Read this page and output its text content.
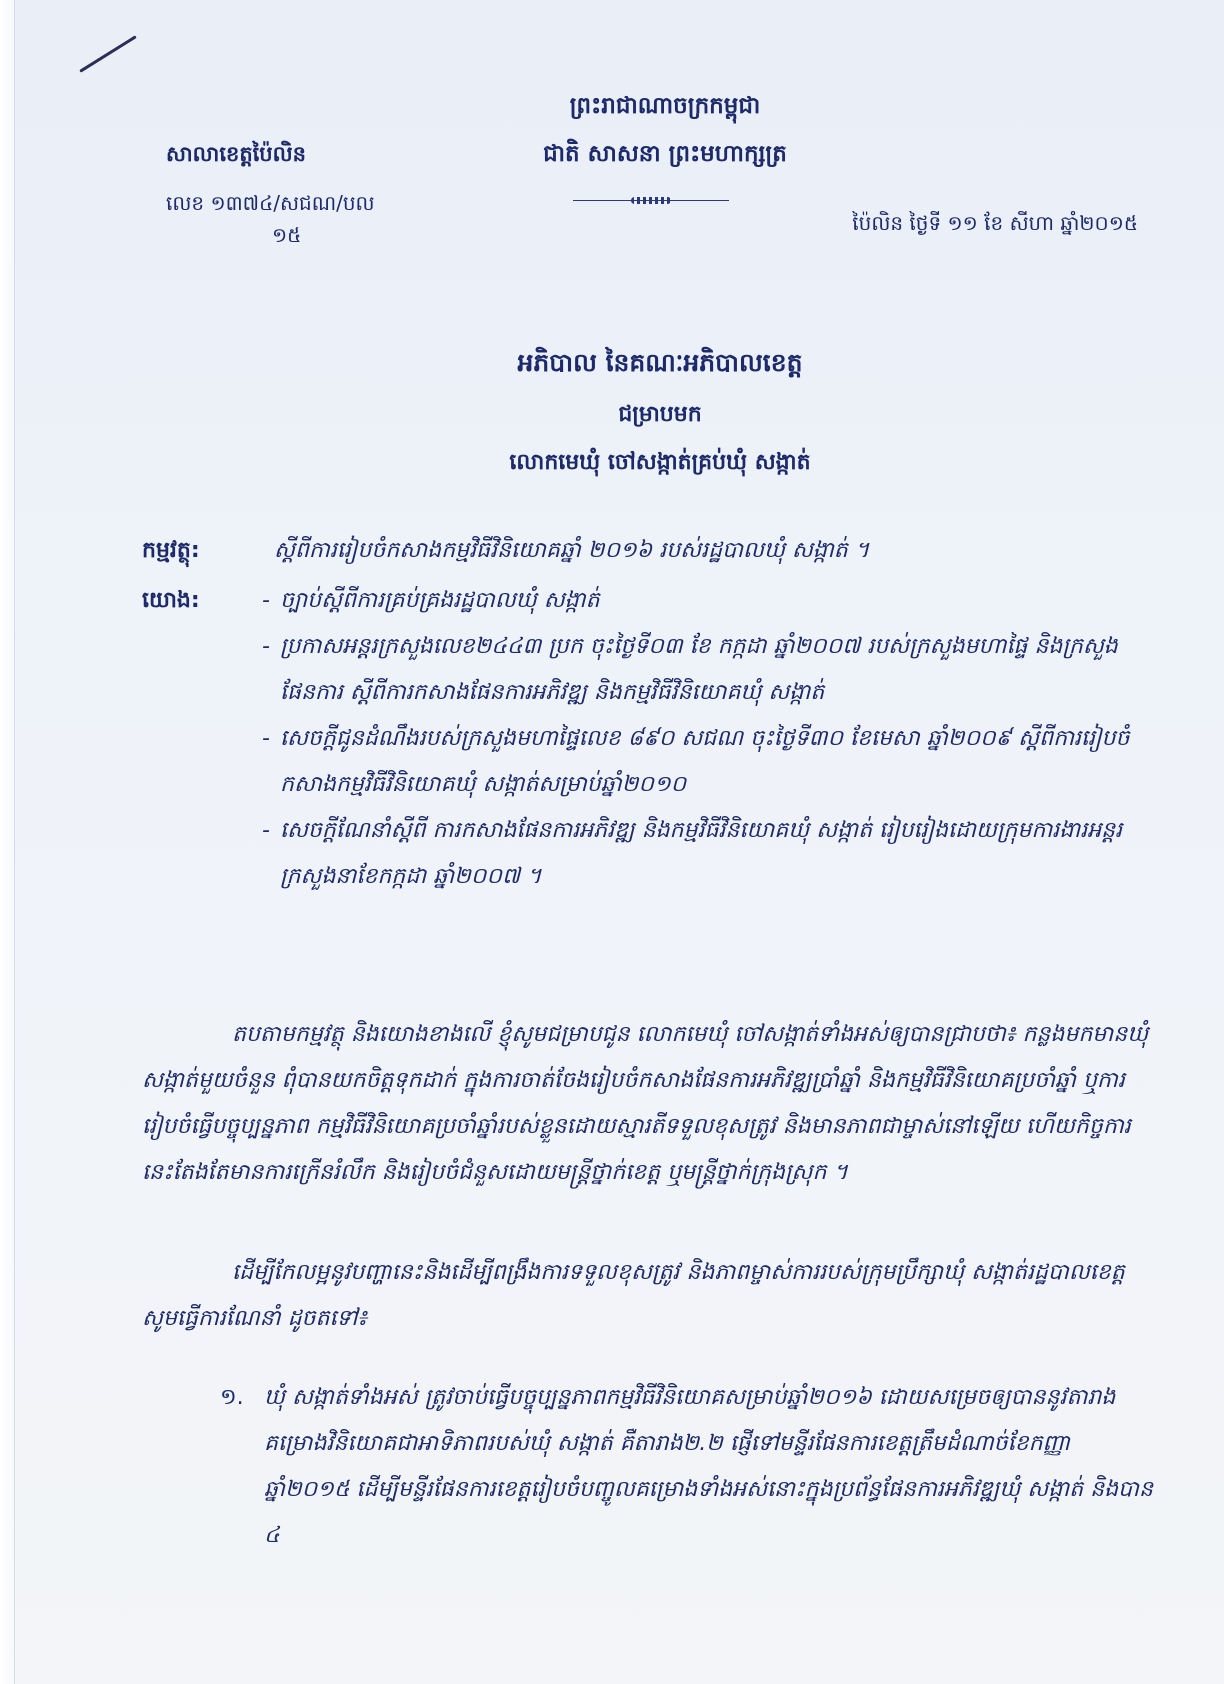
ព្រះរាជាណាចក្រកម្ពុជា
ជាតិ សាសនា ព្រះមហាក្សត្រ
សាលាខេត្តប៉ៃលិន
លេខ ១៣៧៤/សជណ/បល
១៥	ប៉ៃលិន ថ្ងៃទី ១១ ខែ សីហា ឆ្នាំ២០១៥
អភិបាល នៃគណៈអភិបាលខេត្ត
ជម្រាបមក
លោកមេឃុំ ចៅសង្កាត់គ្រប់ឃុំ សង្កាត់
កម្មវត្ថុ:	ស្តីពីការរៀបចំកសាងកម្មវិធីវិនិយោគឆ្នាំ ២០១៦ របស់រដ្ឋបាលឃុំ សង្កាត់ ។
យោង:
-	ច្បាប់ស្តីពីការគ្រប់គ្រងរដ្ឋបាលឃុំ សង្កាត់
- ប្រកាសអន្តរក្រសួងលេខ២៤៤៣ ប្រក ចុះថ្ងៃទី០៣ ខែ កក្កដា ឆ្នាំ២០០៧ របស់ក្រសួងមហាផ្ទៃ និងក្រសួងផែនការ ស្តីពីការកសាងផែនការអភិវឌ្ឍ និងកម្មវិធីវិនិយោគឃុំ សង្កាត់
- សេចក្តីជូនដំណឹងរបស់ក្រសួងមហាផ្ទៃលេខ ៨៩០ សជណ ចុះថ្ងៃទី៣០ ខែមេសា ឆ្នាំ២០០៩ ស្តីពីការរៀបចំកសាងកម្មវិធីវិនិយោគឃុំ សង្កាត់សម្រាប់ឆ្នាំ២០១០
- សេចក្តីណែនាំស្តីពី ការកសាងផែនការអភិវឌ្ឍ និងកម្មវិធីវិនិយោគឃុំ សង្កាត់ រៀបរៀងដោយក្រុមការងារអន្តរក្រសួងនាខែកក្កដា ឆ្នាំ២០០៧ ។

តបតាមកម្មវត្ថុ និងយោងខាងលើ ខ្ញុំសូមជម្រាបជូន លោកមេឃុំ ចៅសង្កាត់ទាំងអស់ឲ្យបានជ្រាបថា៖ កន្លងមកមានឃុំ សង្កាត់មួយចំនួន ពុំបានយកចិត្តទុកដាក់ ក្នុងការចាត់ចែងរៀបចំកសាងផែនការអភិវឌ្ឍប្រាំឆ្នាំ និងកម្មវិធីវិនិយោគប្រចាំឆ្នាំ ឬការរៀបចំធ្វើបច្ចុប្បន្នភាព កម្មវិធីវិនិយោគប្រចាំឆ្នាំរបស់ខ្លួនដោយស្មារតីទទួលខុសត្រូវ និងមានភាពជាម្ចាស់នៅឡើយ ហើយកិច្ចការនេះតែងតែមានការក្រើនរំលឹក និងរៀបចំជំនួសដោយមន្ត្រីថ្នាក់ខេត្ត ឬមន្ត្រីថ្នាក់ក្រុងស្រុក ។

ដើម្បីកែលម្អនូវបញ្ហានេះនិងដើម្បីពង្រឹងការទទួលខុសត្រូវ និងភាពម្ចាស់ការរបស់ក្រុមប្រឹក្សាឃុំ សង្កាត់រដ្ឋបាលខេត្ត សូមធ្វើការណែនាំ ដូចតទៅ៖

១. ឃុំ សង្កាត់ទាំងអស់ ត្រូវចាប់ធ្វើបច្ចុប្បន្នភាពកម្មវិធីវិនិយោគសម្រាប់ឆ្នាំ២០១៦ ដោយសម្រេចឲ្យបាននូវតារាងគម្រោងវិនិយោគជាអាទិភាពរបស់ឃុំ សង្កាត់ គឺតារាង២.២ ផ្ញើទៅមន្ទីរផែនការខេត្តត្រឹមដំណាច់ខែកញ្ញា ឆ្នាំ២០១៥ ដើម្បីមន្ទីរផែនការខេត្តរៀបចំបញ្ចូលគម្រោងទាំងអស់នោះក្នុងប្រព័ន្ធផែនការអភិវឌ្ឍឃុំ សង្កាត់ និងបាន ៤
